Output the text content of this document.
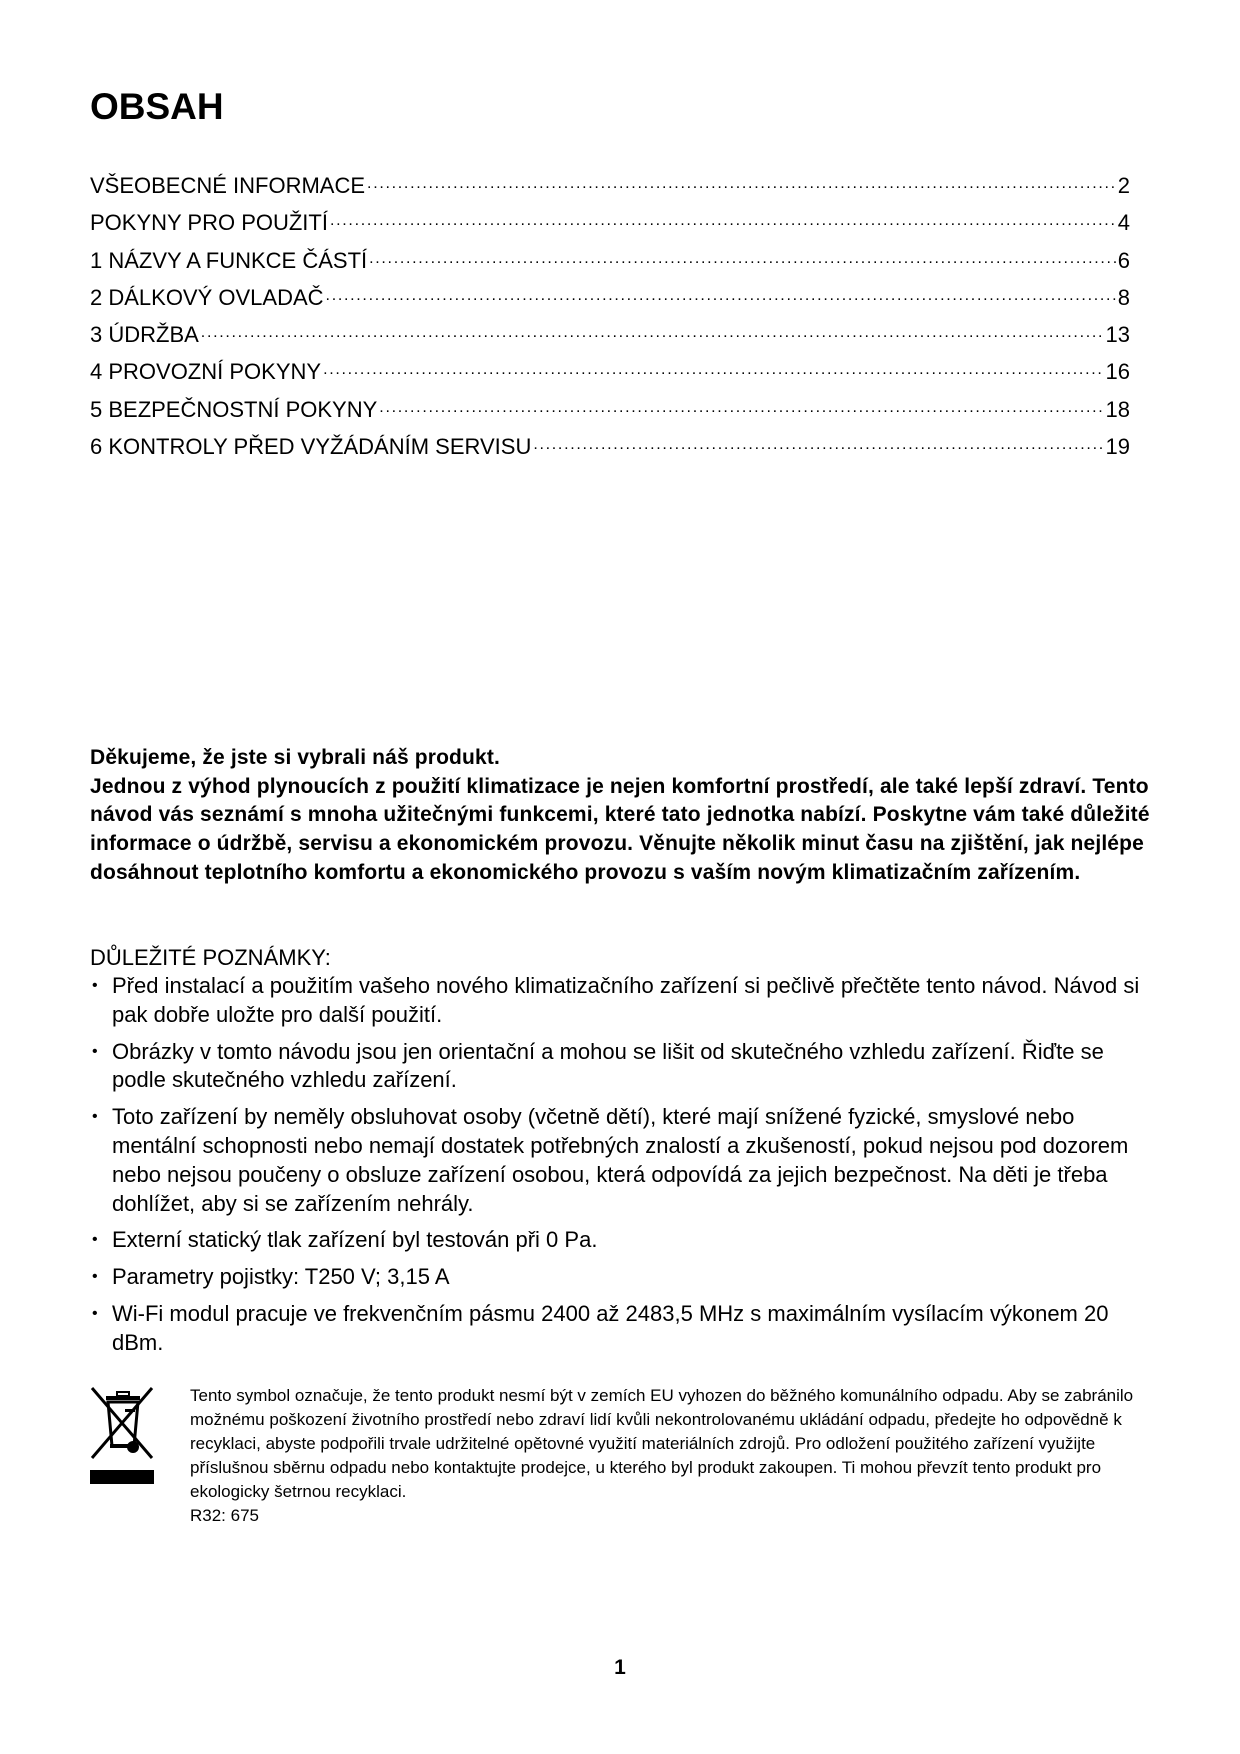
OBSAH
VŠEOBECNÉ INFORMACE .....	2
POKYNY PRO POUŽITÍ .....	4
1 NÁZVY A FUNKCE ČÁSTÍ .....	6
2 DÁLKOVÝ OVLADAČ .....	8
3 ÚDRŽBA .....	13
4 PROVOZNÍ POKYNY .....	16
5 BEZPEČNOSTNÍ POKYNY .....	18
6 KONTROLY PŘED VYŽÁDÁNÍM SERVISU .....	19

Děkujeme, že jste si vybrali náš produkt.

Jednou z výhod plynoucích z použití klimatizace je nejen komfortní prostředí, ale také lepší zdraví. Tento návod vás seznámí s mnoha užitečnými funkcemi, které tato jednotka nabízí. Poskytne vám také důležité informace o údržbě, servisu a ekonomickém provozu. Věnujte několik minut času na zjištění, jak nejlépe dosáhnout teplotního komfortu a ekonomického provozu s vaším novým klimatizačním zařízením.

DŮLEŽITÉ POZNÁMKY:

• Před instalací a použitím vašeho nového klimatizačního zařízení si pečlivě přečtěte tento návod. Návod si pak dobře uložte pro další použití.
• Obrázky v tomto návodu jsou jen orientační a mohou se lišit od skutečného vzhledu zařízení. Řiďte se podle skutečného vzhledu zařízení.
• Toto zařízení by neměly obsluhovat osoby (včetně dětí), které mají snížené fyzické, smyslové nebo mentální schopnosti nebo nemají dostatek potřebných znalostí a zkušeností, pokud nejsou pod dozorem nebo nejsou poučeny o obsluze zařízení osobou, která odpovídá za jejich bezpečnost. Na děti je třeba dohlížet, aby si se zařízením nehrály.
• Externí statický tlak zařízení byl testován při 0 Pa.
• Parametry pojistky: T250 V; 3,15 A
• Wi-Fi modul pracuje ve frekvenčním pásmu 2400 až 2483,5 MHz s maximálním vysílacím výkonem 20 dBm.

Tento symbol označuje, že tento produkt nesmí být v zemích EU vyhozen do běžného komunálního odpadu. Aby se zabránilo možnému poškození životního prostředí nebo zdraví lidí kvůli nekontrolovanému ukládání odpadu, předejte ho odpovědně k recyklaci, abyste podpořili trvale udržitelné opětovné využití materiálních zdrojů. Pro odložení použitého zařízení využijte příslušnou sběrnu odpadu nebo kontaktujte prodejce, u kterého byl produkt zakoupen. Ti mohou převzít tento produkt pro ekologicky šetrnou recyklaci.

R32: 675

1
